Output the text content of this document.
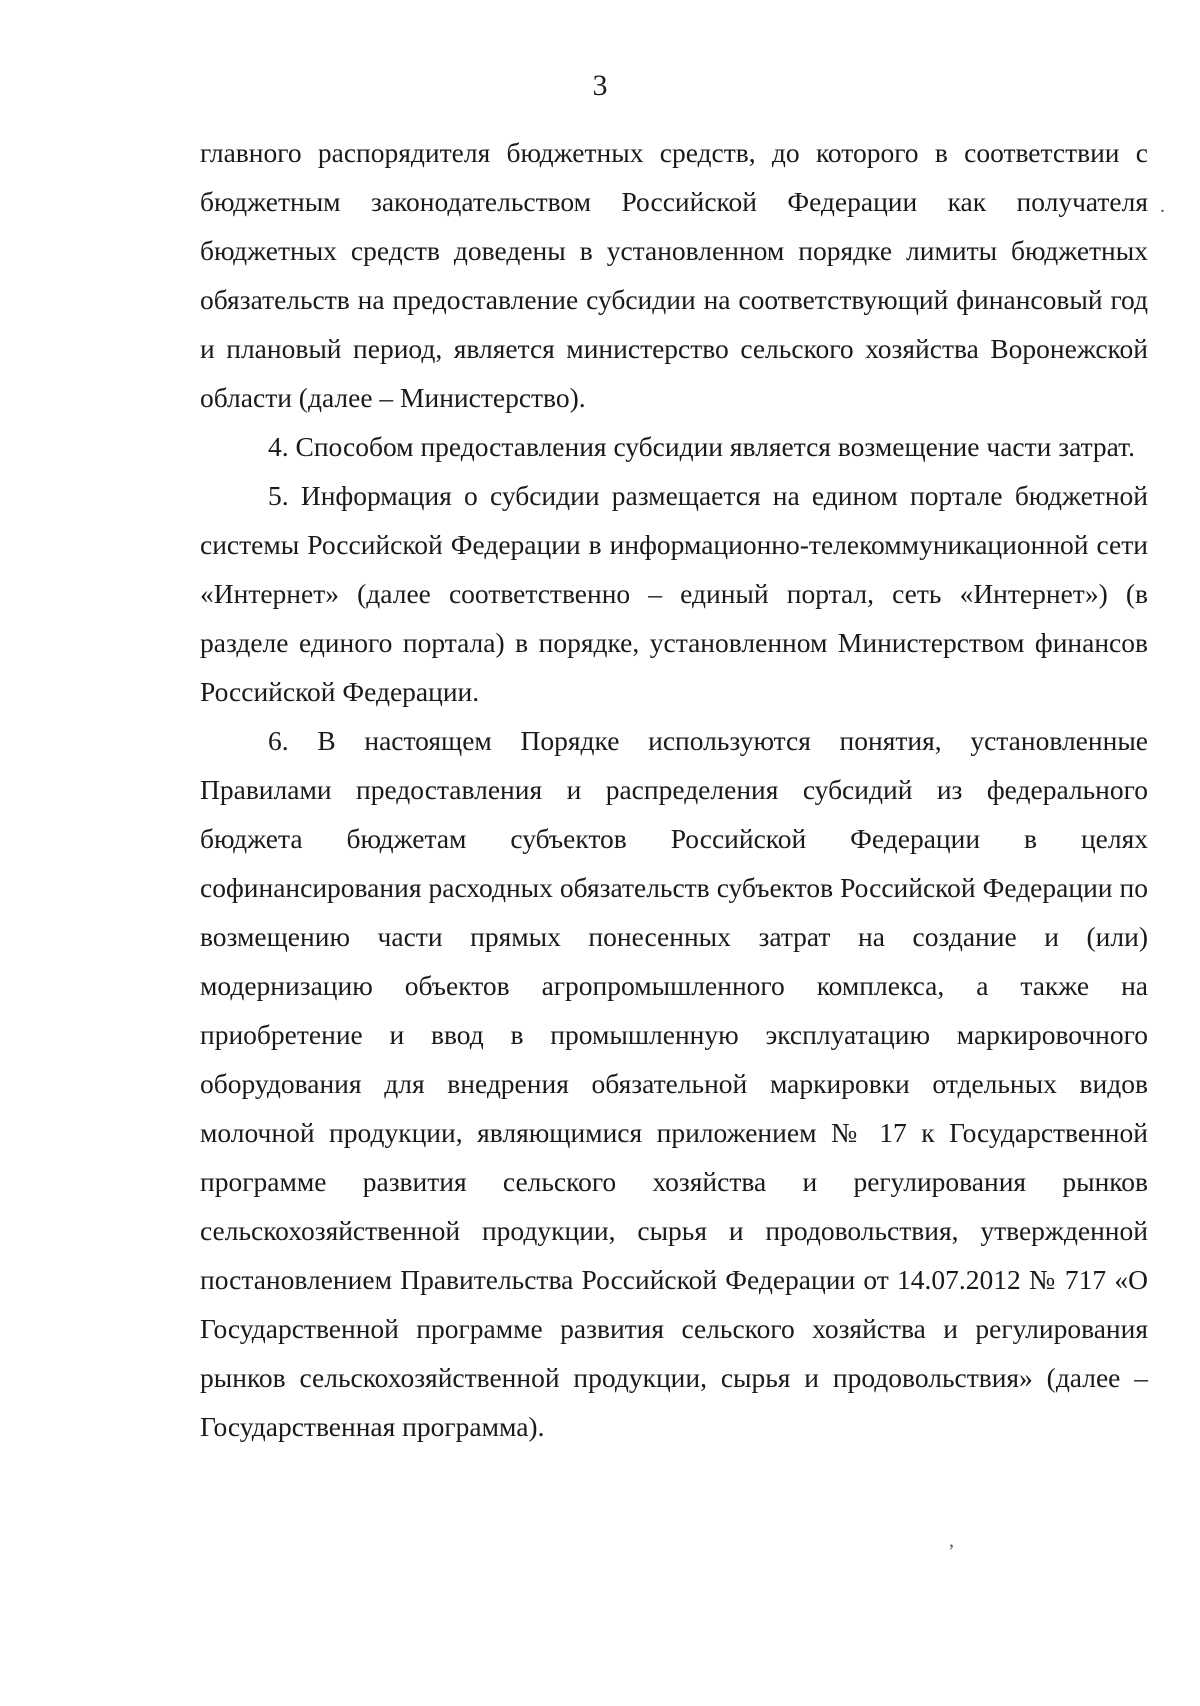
3

главного распорядителя бюджетных средств, до которого в соответствии с бюджетным законодательством Российской Федерации как получателя бюджетных средств доведены в установленном порядке лимиты бюджетных обязательств на предоставление субсидии на соответствующий финансовый год и плановый период, является министерство сельского хозяйства Воронежской области (далее – Министерство).

4. Способом предоставления субсидии является возмещение части затрат.

5. Информация о субсидии размещается на едином портале бюджетной системы Российской Федерации в информационно-телекоммуникационной сети «Интернет» (далее соответственно – единый портал, сеть «Интернет») (в разделе единого портала) в порядке, установленном Министерством финансов Российской Федерации.

6. В настоящем Порядке используются понятия, установленные Правилами предоставления и распределения субсидий из федерального бюджета бюджетам субъектов Российской Федерации в целях софинансирования расходных обязательств субъектов Российской Федерации по возмещению части прямых понесенных затрат на создание и (или) модернизацию объектов агропромышленного комплекса, а также на приобретение и ввод в промышленную эксплуатацию маркировочного оборудования для внедрения обязательной маркировки отдельных видов молочной продукции, являющимися приложением № 17 к Государственной программе развития сельского хозяйства и регулирования рынков сельскохозяйственной продукции, сырья и продовольствия, утвержденной постановлением Правительства Российской Федерации от 14.07.2012 № 717 «О Государственной программе развития сельского хозяйства и регулирования рынков сельскохозяйственной продукции, сырья и продовольствия» (далее – Государственная программа).

.
ʼ
